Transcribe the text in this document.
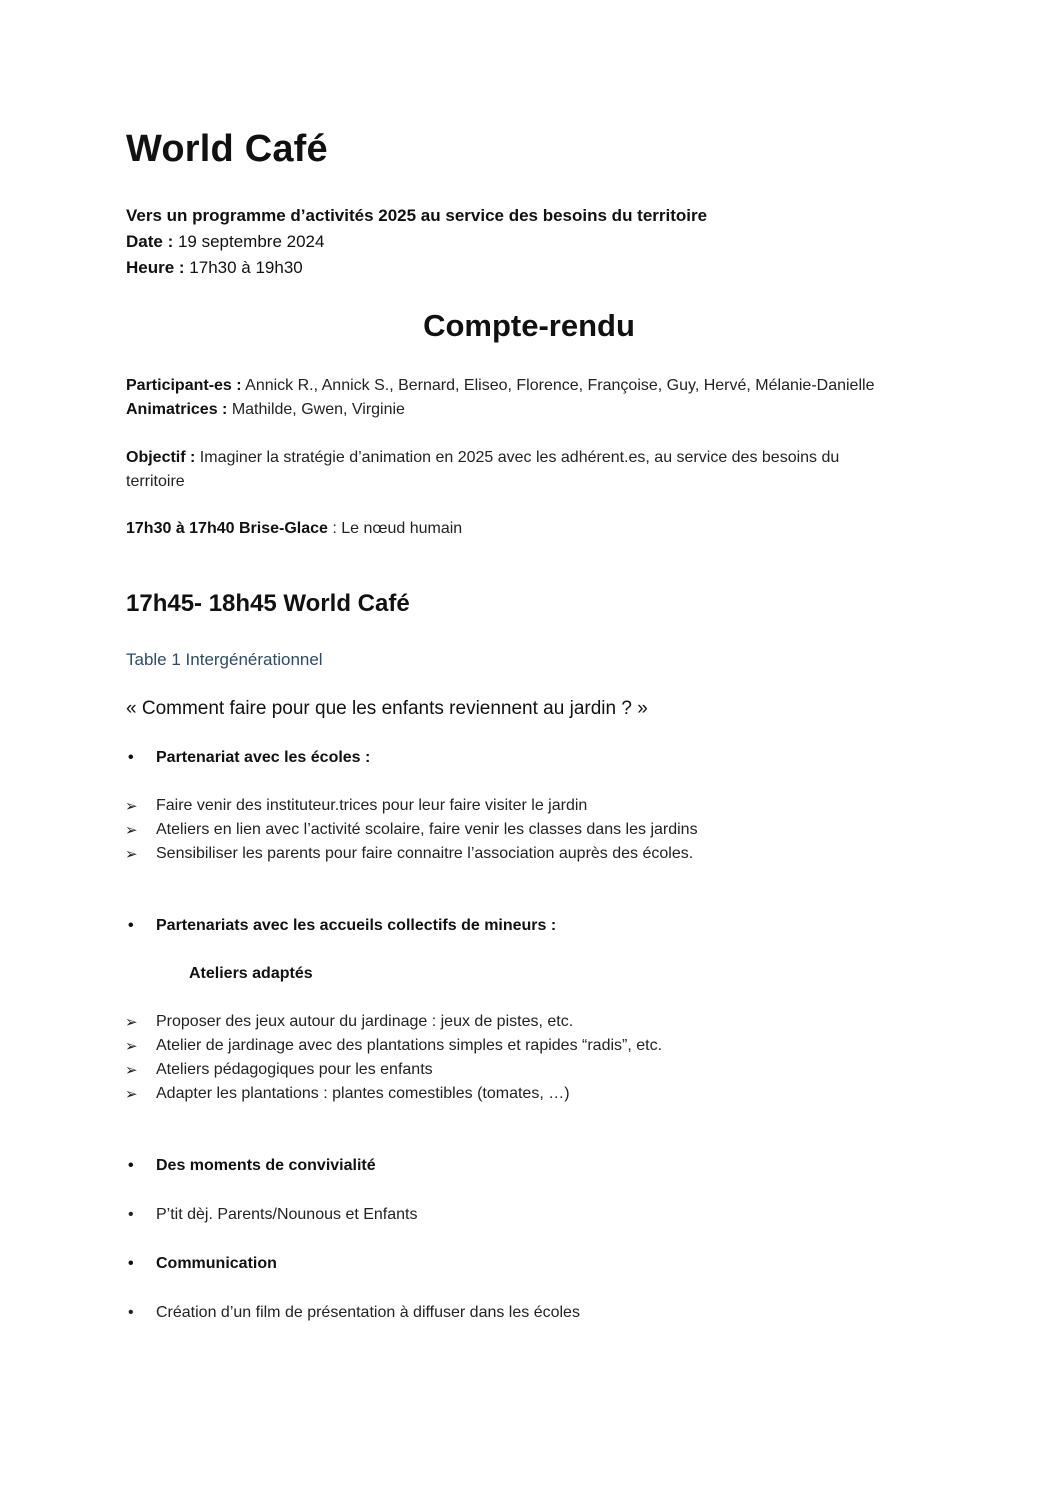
World Café
Vers un programme d’activités 2025 au service des besoins du territoire
Date : 19 septembre 2024
Heure : 17h30 à 19h30
Compte-rendu
Participant-es : Annick R., Annick S., Bernard, Eliseo, Florence, Françoise, Guy, Hervé, Mélanie-Danielle
Animatrices : Mathilde, Gwen, Virginie
Objectif : Imaginer la stratégie d’animation en 2025 avec les adhérent.es, au service des besoins du
territoire
17h30 à 17h40 Brise-Glace : Le nœud humain
17h45- 18h45 World Café
Table 1 Intergénérationnel
« Comment faire pour que les enfants reviennent au jardin ? »
• Partenariat avec les écoles :
➢ Faire venir des instituteur.trices pour leur faire visiter le jardin
➢ Ateliers en lien avec l’activité scolaire, faire venir les classes dans les jardins
➢ Sensibiliser les parents pour faire connaitre l’association auprès des écoles.
• Partenariats avec les accueils collectifs de mineurs :
Ateliers adaptés
➢ Proposer des jeux autour du jardinage : jeux de pistes, etc.
➢ Atelier de jardinage avec des plantations simples et rapides “radis”, etc.
➢ Ateliers pédagogiques pour les enfants
➢ Adapter les plantations : plantes comestibles (tomates, …)
• Des moments de convivialité
• P’tit dèj. Parents/Nounous et Enfants
• Communication
• Création d’un film de présentation à diffuser dans les écoles
